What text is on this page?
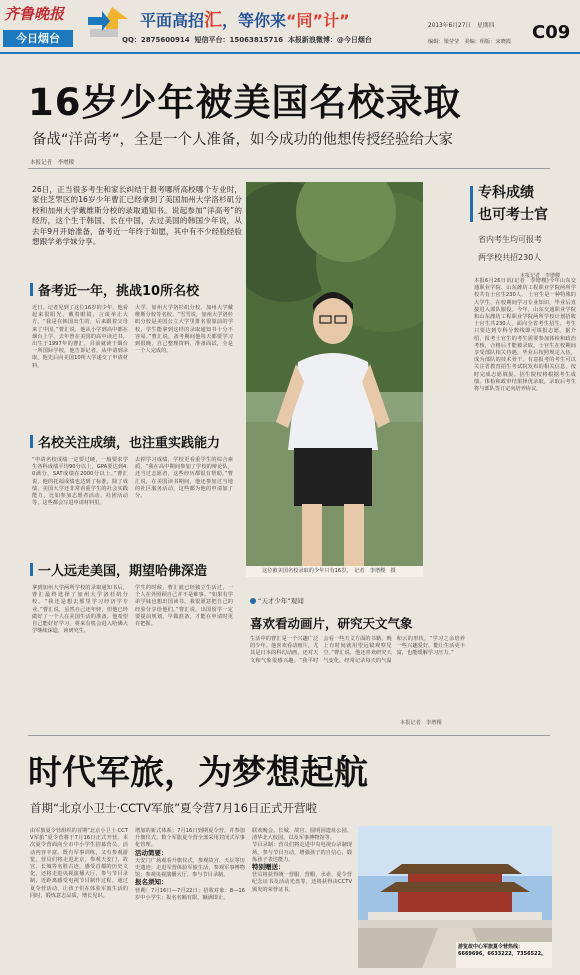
齐鲁晚报
今日烟台
平面高招汇，等你来“同”计”
QQ：2875600914 短信平台：15063815716 本报新浪微博：@今日烟台
2013年6月27日　星期四
编辑：梁莹莹　美编：组版：宋晓霞	C09
16岁少年被美国名校录取
备战“洋高考”，全是一个人准备，如今成功的他想传授经验给大家
本报记者　李增稷
26日，正当很多考生和家长纠结于报考哪所高校哪个专业时，家住芝罘区的16岁少年曹汇已经拿到了美国加州大学洛杉矶分校和加州大学戴维斯分校的录取通知书。说起参加“洋高考”的经历，这个生于韩国、长在中国，去过美国的韩国少年说，从去年9月开始准备，备考近一年终于如愿，其中有不少经验经验想跟学弟学妹分享。
备考近一年，挑战10所名校
近日，记者见到了这位16岁的少年，他看起来很阳光，戴着眼镜，言谈举止大方。“我是在韩国出生的，后来跟着父母来了中国。”曹汇说，他从小学到高中都在烟台上学，去年曾在美国的高中读过书。出生于1997年的曹汇，目前就读于烟台一所国际学校，他告诉记者，从申请到录取，他先后向美国10所大学递交了申请材料。
大学、加州大学洛杉矶分校、加州大学戴维斯分校等名校。“雪雪说，加州大学洛杉矶分校是美国公立大学里排名很靠前的学校，学生能拿到这样的录取通知书十分不容易。”曹汇说，备考期间他每天都要学习到很晚，自己整理资料、准备面试，全是一个人完成的。
名校关注成绩，也注重实践能力
“申请名校成绩一定要过硬，一般要求学生各科成绩平均90分以上，GPA要达到4.0满分，SAT成绩在2000分以上。”曹汇说，他的托福成绩也达到了标准。除了成绩，美国大学还非常看重学生的社会实践能力，比如参加志愿者活动、社团活动等，这些都会写进申请材料里。
去掉学习成绩，学校更看重学生的综合素质。“我在高中期间参加了学校的辩论队，还当过志愿者，这些经历都很有帮助。”曹汇说，在美国读书期间，他还参加过当地的社区服务活动，这些都为他的申请加了分。
一人远走美国，期望哈佛深造
拿到加州大学两所学校的录取通知书后，曹汇最终选择了加州大学洛杉矶分校。“我还是想去那里学习经济学专业。”曹汇说，虽然自己还年轻，但他已经做好了一个人在美国生活的准备。他希望自己能好好学习，将来有机会进入哈佛大学继续深造，读研究生。
学生的时候，曹汇就已经独立生活过，一个人在外照顾自己并不是难事。“如果有学弟学妹也想出国读书，我很愿意把自己的经验分享给他们。”曹汇说，出国留学一定要提前规划，早做准备，才能在申请时更有把握。
这位被美国名校录取的少年只有16岁。　记者　李增稷　摄
专科成绩
也可考士官
省内考生均可报考
两学校共招230人
本报记者　李增稷
本报6月26日讯(记者　李增稷)今年山东交通职业学院、山东潍坊工程职业学院两所学校共有士官生230人。 士官生是一种特殊的大学生，在校期间学习专业知识，毕业后直接进入部队服役。今年，山东交通职业学院和山东潍坊工程职业学院两所学校计划招收士官生共230人，面向全省考生招生，考生只要达到专科分数线即可填报志愿。据介绍，报考士官生的考生需要参加体检和政治考核，合格后才能被录取。士官生在校期间享受部队相关待遇，毕业后按照规定入伍，成为部队的技术骨干。有意报考的考生可以关注省教育招生考试院发布的相关信息，按时完成志愿填报。招生院校将根据考生成绩、体检和政审结果择优录取，录取后考生将与部队签订定向培养协议。
“天才少年”观闻
喜欢看动画片，研究天文气象
生活中的曹汇是一个兴趣广泛的少年。他喜欢看动画片，尤其是日本的科幻动画，还对天文和气象很感兴趣。“我平时会看一些天文方面的书籍，晚上有时间就用望远镜观察星空。”曹汇说，他还喜欢研究天气变化，经常记录每天的气温和云的形状。“学习之余培养一些兴趣爱好，能让生活更丰富，也能缓解学习压力。”
本报记者　李增稷
时代军旅，为梦想起航
首期“北京小卫士·CCTV军旅”夏令营7月16日正式开营啦
由军旅夏令营组织的首期“北京小卫士·CCTV军旅”夏令营将于7月16日正式开营。本次夏令营面向全市中小学生招募营员，活动内容丰富，既有军事训练，又有参观游览。营员们将走进北京，参观天安门、故宫、长城等名胜古迹，感受首都的历史文化，还将走进央视演播大厅，参与节目录制，近距离感受电视节目制作过程。通过夏令营活动，让孩子们在体验军旅生活的同时，锻炼意志品质，增长见识。
增加的新式体系；7月16日到期夏令营，并参加升旗仪式。数个军旅夏令营全部采用封闭式军事化管理。
活动简要：
天安门广场观看升旗仪式，参观故宫、天坛等历史遗迹；走进军营体验军旅生活，参观军事博物馆；参观央视演播大厅，参与节目录制。
报名须知：
营期：7月16日—7月22日；招收对象：8—16岁中小学生；报名名额有限，额满即止。
联欢晚会。长城、故宫、圆明园遗址公园、清华北大校园，以及军事博物馆等。
节目录制：营员们将走进中央电视台录制现场，参与节目互动，增强孩子的自信心，锻炼孩子表达能力。
特别赠送：
营员将获得统一营服、营帽、水壶、夏令营纪念证书及活动光盘等，还将获得由CCTV颁发的荣誉证书。
游览故中心军旅夏令营热线：6669696，6633222，7356522。
